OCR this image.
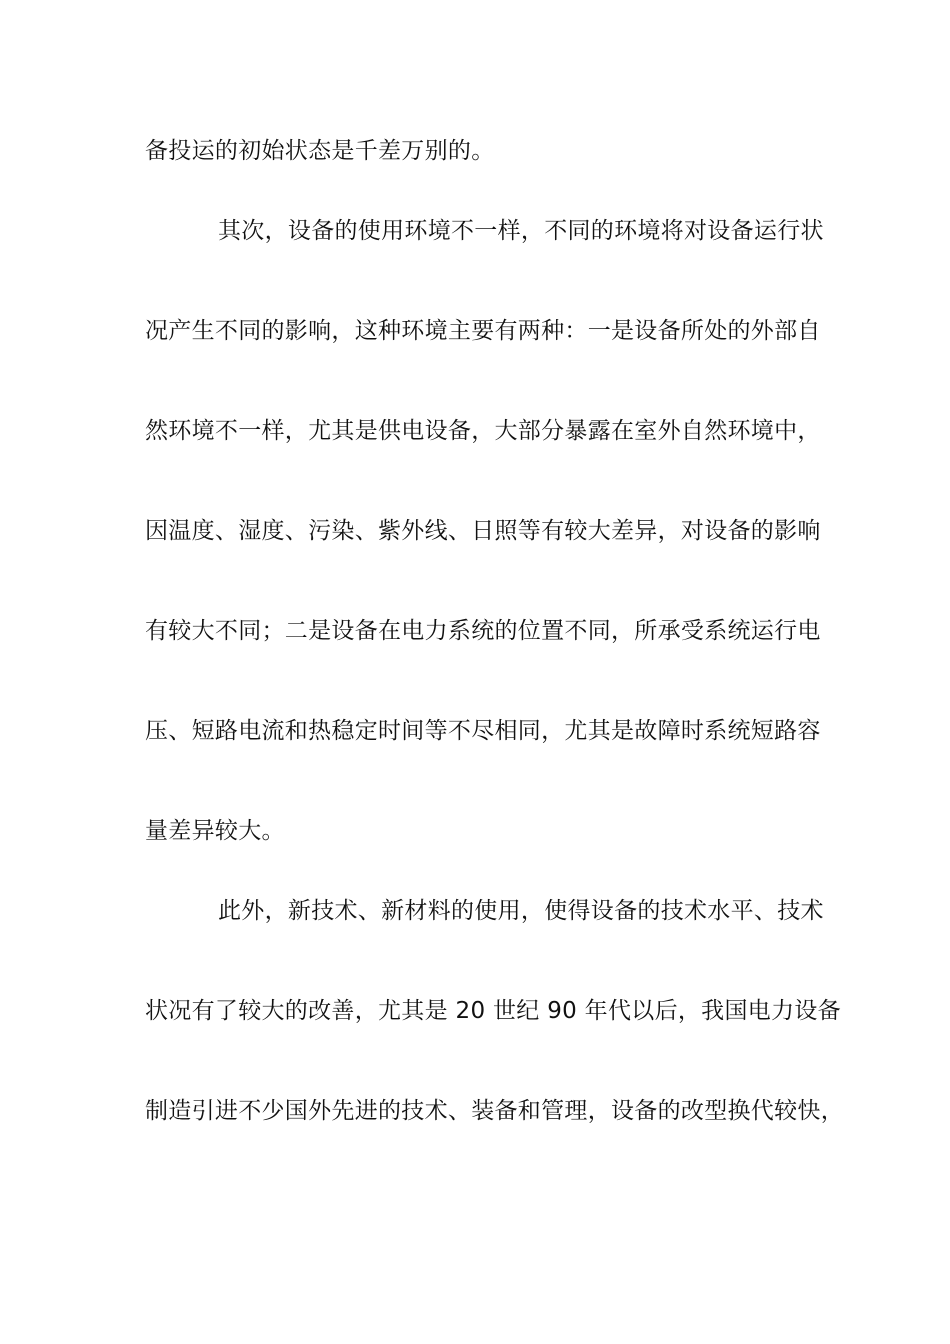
备投运的初始状态是千差万别的。
其次，设备的使用环境不一样，不同的环境将对设备运行状
况产生不同的影响，这种环境主要有两种：一是设备所处的外部自
然环境不一样，尤其是供电设备，大部分暴露在室外自然环境中，
因温度、湿度、污染、紫外线、日照等有较大差异，对设备的影响
有较大不同；二是设备在电力系统的位置不同，所承受系统运行电
压、短路电流和热稳定时间等不尽相同，尤其是故障时系统短路容
量差异较大。
此外，新技术、新材料的使用，使得设备的技术水平、技术
状况有了较大的改善，尤其是 20 世纪 90 年代以后，我国电力设备
制造引进不少国外先进的技术、装备和管理，设备的改型换代较快，
